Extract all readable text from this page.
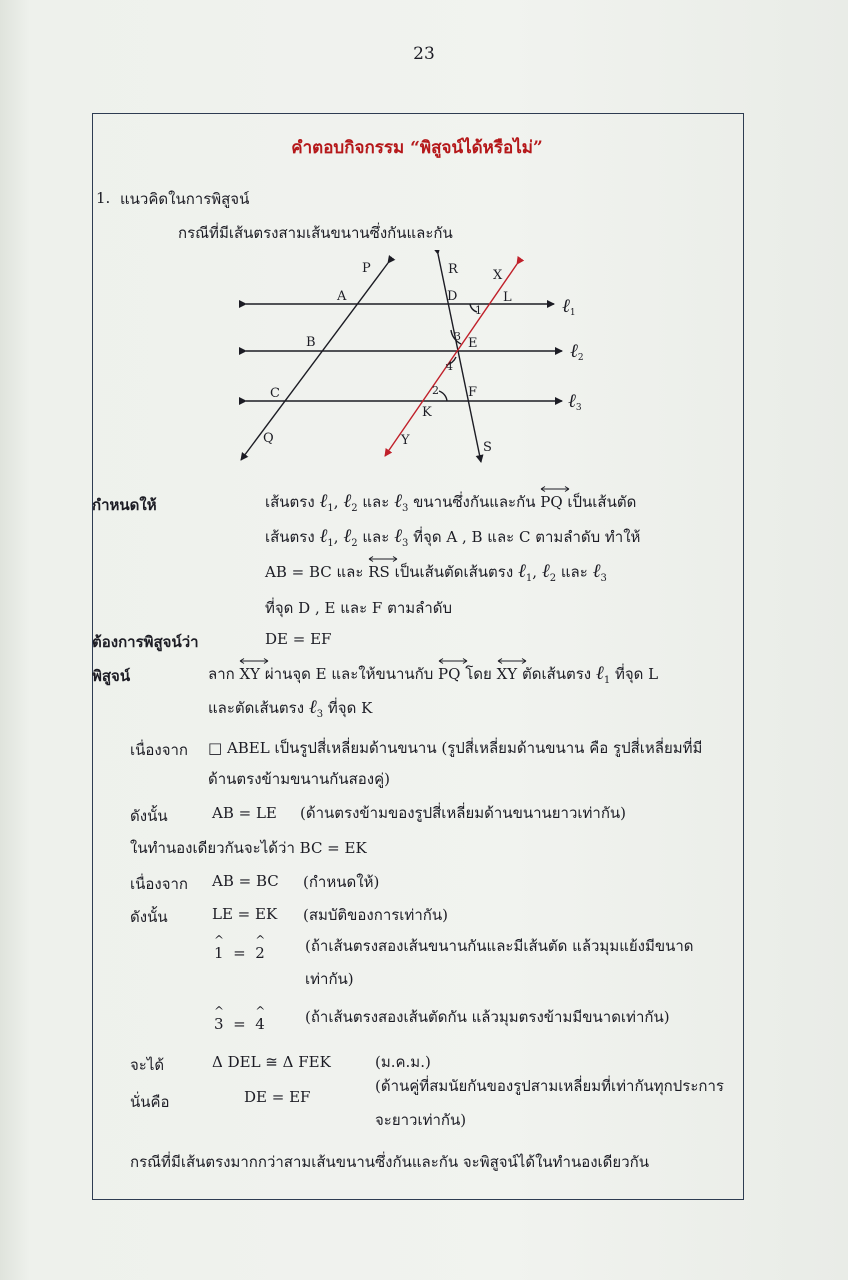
23
คำตอบกิจกรรม “พิสูจน์ได้หรือไม่”
1. แนวคิดในการพิสูจน์
กรณีที่มีเส้นตรงสามเส้นขนานซึ่งกันและกัน
P	R	X
A	D	L
B	E
C	F
K
Q	Y	S
1
3
4
2
ℓ1
ℓ2
ℓ3
กำหนดให้	เส้นตรง ℓ$_1$, ℓ$_2$ และ ℓ$_3$ ขนานซึ่งกันและกัน PQ เป็นเส้นตัด
เส้นตรง ℓ$_1$, ℓ$_2$ และ ℓ$_3$ ที่จุด A , B และ C ตามลำดับ ทำให้
AB = BC และ RS เป็นเส้นตัดเส้นตรง ℓ$_1$, ℓ$_2$ และ ℓ$_3$
ที่จุด D , E และ F ตามลำดับ
ต้องการพิสูจน์ว่า	DE = EF
พิสูจน์	ลาก XY ผ่านจุด E และให้ขนานกับ PQ โดย XY ตัดเส้นตรง ℓ$_1$ ที่จุด L
และตัดเส้นตรง ℓ$_3$ ที่จุด K
เนื่องจาก □ ABEL เป็นรูปสี่เหลี่ยมด้านขนาน (รูปสี่เหลี่ยมด้านขนาน คือ รูปสี่เหลี่ยมที่มี
ด้านตรงข้ามขนานกันสองคู่)
ดังนั้น	AB = LE (ด้านตรงข้ามของรูปสี่เหลี่ยมด้านขนานยาวเท่ากัน)
ในทำนองเดียวกันจะได้ว่า BC = EK
เนื่องจาก AB = BC (กำหนดให้)
ดังนั้น	LE = EK (สมบัติของการเท่ากัน)
^
1 =
^
2	(ถ้าเส้นตรงสองเส้นขนานกันและมีเส้นตัด แล้วมุมแย้งมีขนาด
เท่ากัน)
^
3 =
^
4	(ถ้าเส้นตรงสองเส้นตัดกัน แล้วมุมตรงข้ามมีขนาดเท่ากัน)
จะได้	Δ DEL ≅ Δ FEK	(ม.ค.ม.)
นั่นคือ	DE = EF
(ด้านคู่ที่สมนัยกันของรูปสามเหลี่ยมที่เท่ากันทุกประการ
จะยาวเท่ากัน)
กรณีที่มีเส้นตรงมากกว่าสามเส้นขนานซึ่งกันและกัน จะพิสูจน์ได้ในทำนองเดียวกัน
